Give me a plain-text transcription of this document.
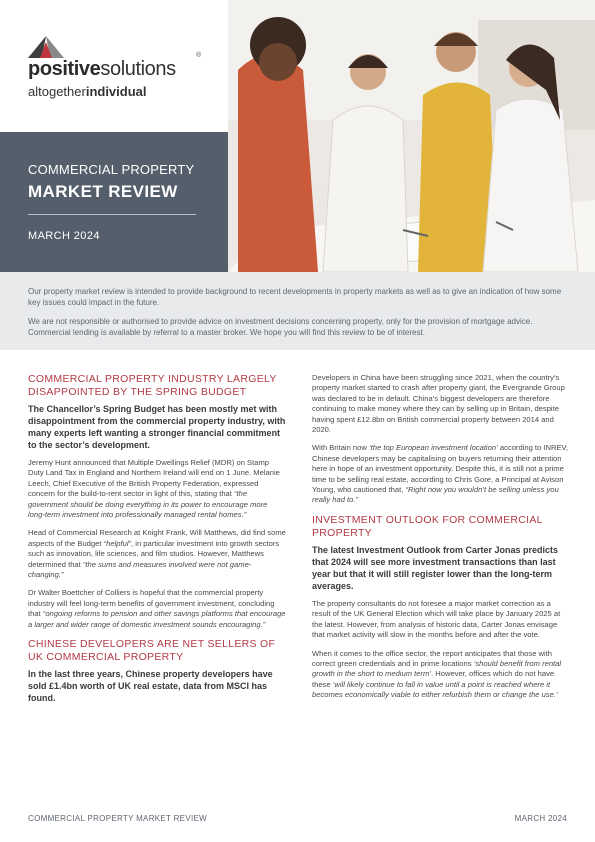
positivesolutions
®
altogetherindividual
COMMERCIAL PROPERTY
MARKET REVIEW
MARCH 2024

Our property market review is intended to provide background to recent developments in property markets as well as to give an indication of how some key issues could impact in the future.

We are not responsible or authorised to provide advice on investment decisions concerning property, only for the provision of mortgage advice. Commercial lending is available by referral to a master broker. We hope you will find this review to be of interest.

COMMERCIAL PROPERTY INDUSTRY LARGELY DISAPPOINTED BY THE SPRING BUDGET
The Chancellor’s Spring Budget has been mostly met with disappointment from the commercial property industry, with many experts left wanting a stronger financial commitment to the sector’s development.

Jeremy Hunt announced that Multiple Dwellings Relief (MDR) on Stamp Duty Land Tax in England and Northern Ireland will end on 1 June. Melanie Leech, Chief Executive of the British Property Federation, expressed concern for the build-to-rent sector in light of this, stating that “the government should be doing everything in its power to encourage more long-term investment into professionally managed rental homes.”

Head of Commercial Research at Knight Frank, Will Matthews, did find some aspects of the Budget “helpful”, in particular investment into growth sectors such as innovation, life sciences, and film studios. However, Matthews determined that “the sums and measures involved were not game-changing.”

Dr Walter Boettcher of Colliers is hopeful that the commercial property industry will feel long-term benefits of government investment, concluding that “ongoing reforms to pension and other savings platforms that encourage a larger and wider range of domestic investment sounds encouraging.”

CHINESE DEVELOPERS ARE NET SELLERS OF UK COMMERCIAL PROPERTY
In the last three years, Chinese property developers have sold £1.4bn worth of UK real estate, data from MSCI has found.

Developers in China have been struggling since 2021, when the country’s property market started to crash after property giant, the Evergrande Group was declared to be in default. China’s biggest developers are therefore continuing to make money where they can by selling up in Britain, despite having spent £12.8bn on British commercial property between 2014 and 2020.

With Britain now ‘the top European investment location’ according to INREV, Chinese developers may be capitalising on buyers returning their attention here in hope of an investment opportunity. Despite this, it is still not a prime time to be selling real estate, according to Chris Gore, a Principal at Avison Young, who cautioned that, “Right now you wouldn’t be selling unless you really had to.”

INVESTMENT OUTLOOK FOR COMMERCIAL PROPERTY
The latest Investment Outlook from Carter Jonas predicts that 2024 will see more investment transactions than last year but that it will still register lower than the long-term averages.

The property consultants do not foresee a major market correction as a result of the UK General Election which will take place by January 2025 at the latest. However, from analysis of historic data, Carter Jonas envisage that market activity will slow in the months before and after the vote.

When it comes to the office sector, the report anticipates that those with correct green credentials and in prime locations ‘should benefit from rental growth in the short to medium term’. However, offices which do not have these ‘will likely continue to fall in value until a point is reached where it becomes economically viable to either refurbish them or change the use.’

COMMERCIAL PROPERTY MARKET REVIEW	MARCH 2024
